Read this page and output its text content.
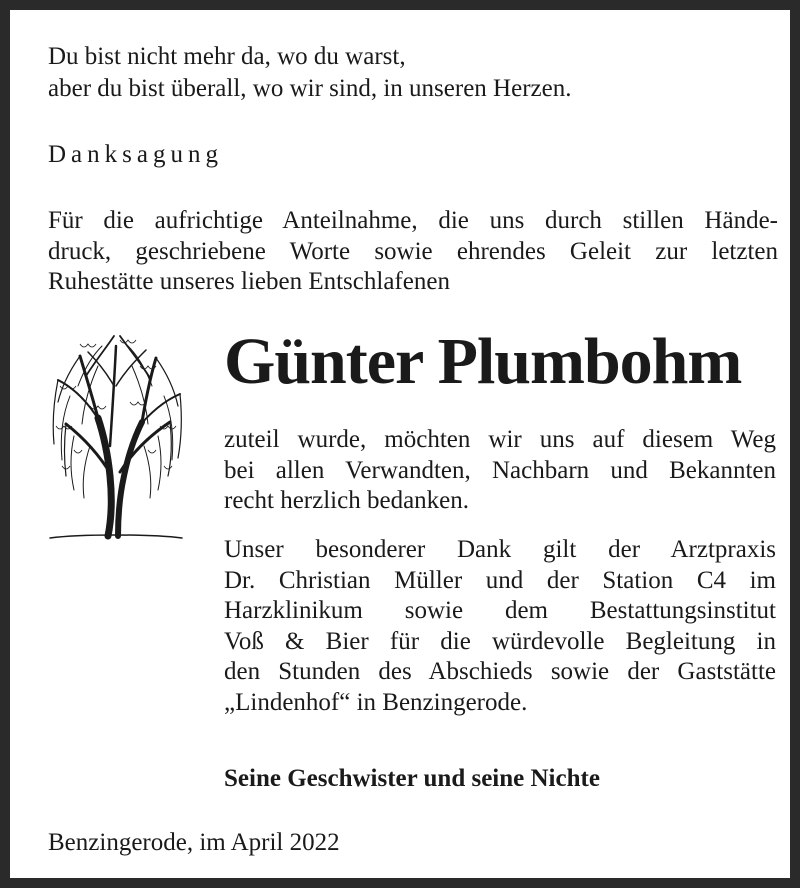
Du bist nicht mehr da, wo du warst,
aber du bist überall, wo wir sind, in unseren Herzen.
Danksagung
Für die aufrichtige Anteilnahme, die uns durch stillen Hände-
druck, geschriebene Worte sowie ehrendes Geleit zur letzten
Ruhestätte unseres lieben Entschlafenen
Günter Plumbohm
zuteil wurde, möchten wir uns auf diesem Weg
bei allen Verwandten, Nachbarn und Bekannten
recht herzlich bedanken.
Unser besonderer Dank gilt der Arztpraxis
Dr. Christian Müller und der Station C4 im
Harzklinikum sowie dem Bestattungsinstitut
Voß & Bier für die würdevolle Begleitung in
den Stunden des Abschieds sowie der Gaststätte
„Lindenhof“ in Benzingerode.
Seine Geschwister und seine Nichte
Benzingerode, im April 2022
